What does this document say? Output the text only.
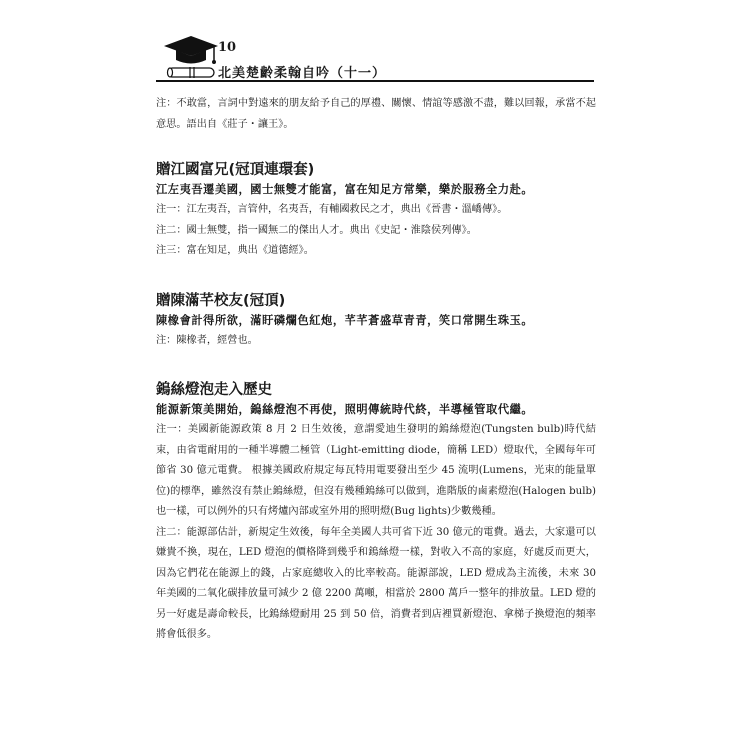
10
北美楚齡柔翰自吟（十一）

注：不敢當，言詞中對遠來的朋友給予自己的厚禮、關懷、情誼等感激不盡，難以回報，承當不起意思。語出自《莊子・讓王》。

贈江國富兄(冠頂連環套)

江左夷吾遷美國，國士無雙才能富，富在知足方常樂，樂於服務全力赴。

注一：江左夷吾，言管仲，名夷吾，有輔國救民之才，典出《晉書・溫嶠傳》。

注二：國士無雙，指一國無二的傑出人才。典出《史記・淮陰侯列傳》。

注三：富在知足，典出《道德經》。

贈陳滿芊校友(冠頂)

陳橡會計得所欲，滿盱磷爛色紅炮，芊芊蒼盛草青青，笑口常開生珠玉。

注：陳橡者，經營也。

鎢絲燈泡走入歷史

能源新策美開始，鎢絲燈泡不再使，照明傳統時代終，半導極管取代繼。

注一：美國新能源政策 8 月 2 日生效後，意謂愛迪生發明的鎢絲燈泡(Tungsten bulb)時代結束，由省電耐用的一種半導體二極管（Light-emitting diode，簡稱 LED）燈取代，全國每年可節省 30 億元電費。 根據美國政府規定每瓦特用電要發出至少 45 流明(Lumens，光束的能量單位)的標準，雖然沒有禁止鎢絲燈，但沒有幾種鎢絲可以做到，進階版的鹵素燈泡(Halogen bulb)也一樣，可以例外的只有烤爐內部或室外用的照明燈(Bug lights)少數幾種。

注二：能源部估計，新規定生效後，每年全美國人共可省下近 30 億元的電費。過去，大家還可以嫌貴不換，現在，LED 燈泡的價格降到幾乎和鎢絲燈一樣，對收入不高的家庭，好處反而更大，因為它們花在能源上的錢，占家庭總收入的比率較高。能源部說，LED 燈成為主流後，未來 30 年美國的二氧化碳排放量可減少 2 億 2200 萬噸，相當於 2800 萬戶一整年的排放量。LED 燈的另一好處是壽命較長，比鎢絲燈耐用 25 到 50 倍，消費者到店裡買新燈泡、拿梯子換燈泡的頻率將會低很多。
